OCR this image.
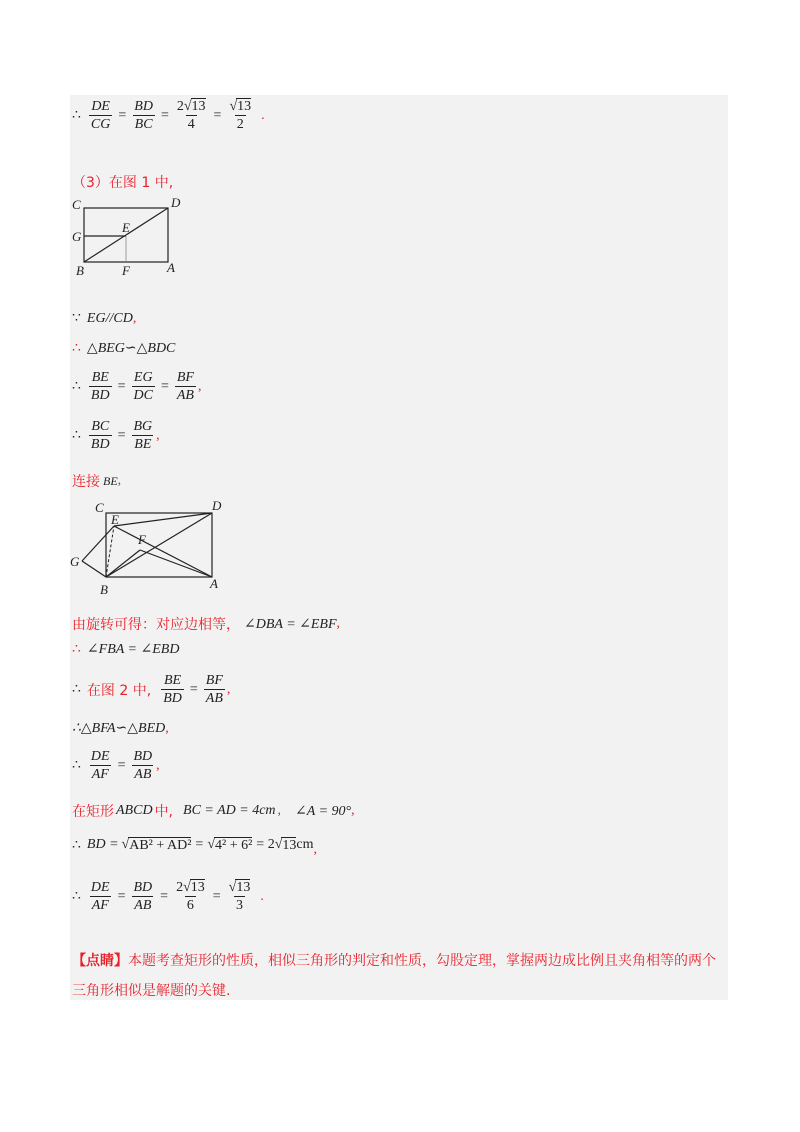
∴ $\frac{DE}{CG} = \frac{BD}{BC} = \frac{2√13}{4} = \frac{√13}{2}$ .
（3）在图 1 中,
C	D
G
E
B	F	A
∵ EG//CD ,
∴ △BEG∽△BDC
∴ $\frac{BE}{BD} = \frac{EG}{DC} = \frac{BF}{AB}$ ,
∴ $\frac{BC}{BD} = \frac{BG}{BE}$ ,
连接 BE ,
C	D
E
F
G
B	A
由旋转可得：对应边相等， ∠DBA = ∠EBF ,
∴ ∠FBA = ∠EBD
∴ 在图 2 中, $\frac{BE}{BD} = \frac{BF}{AB}$ ,
∴△BFA∽△BED ,
∴ $\frac{DE}{AF} = \frac{BD}{AB}$ ,
在矩形 ABCD 中, BC = AD = 4cm , ∠A = 90° ,
∴ BD = √ AB² + AD² = √ 4² + 6² = 2 √ 13 cm ,
∴ $\frac{DE}{AF} = \frac{BD}{AB} = \frac{2√13}{6} = \frac{√13}{3}$ .
【点睛】本题考查矩形的性质，相似三角形的判定和性质，勾股定理，掌握两边成比例且夹角相等的两个三角形相似是解题的关键.
